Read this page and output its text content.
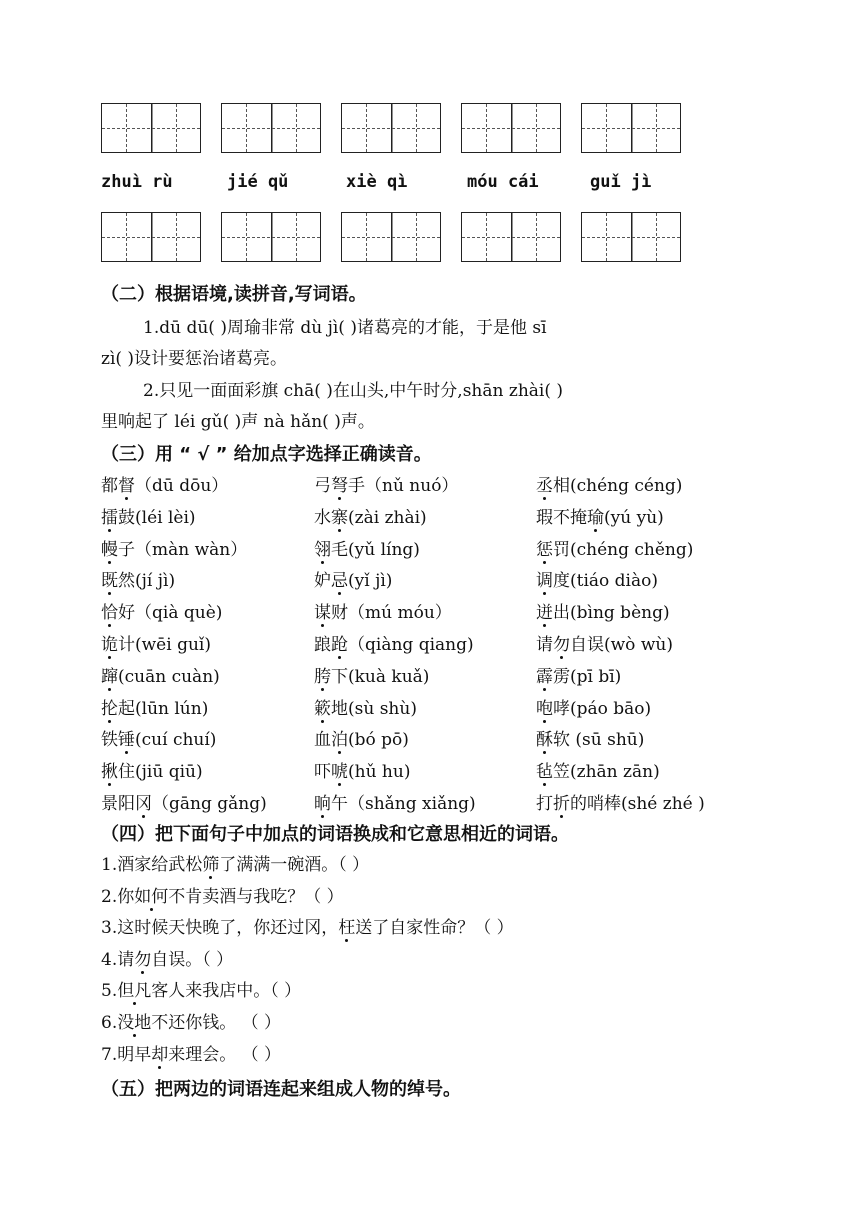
zhuì rù	jié qǔ	xiè qì	móu cái	guǐ jì
（二）根据语境,读拼音,写词语。
1.dū dū( )周瑜非常 dù jì( )诸葛亮的才能，于是他 sī
zì( )设计要惩治诸葛亮。
2.只见一面面彩旗 chā( )在山头,中午时分,shān zhài( )
里响起了 léi gǔ( )声 nà hǎn( )声。
（三）用 “ √ ” 给加点字选择正确读音。
都督（dū dōu）	弓弩手（nǔ nuó）	丞相(chéng céng)
擂鼓(léi lèi)	水寨(zài zhài)	瑕不掩瑜(yú yù)
幔子（màn wàn）	翎毛(yǔ líng)	惩罚(chéng chěng)
既然(jí jì)	妒忌(yǐ jì)	调度(tiáo diào)
恰好（qià què)	谋财（mú móu）	迸出(bìng bèng)
诡计(wēi guǐ)	踉跄（qiàng qiang)	请勿自误(wò wù)
蹿(cuān cuàn)	胯下(kuà kuǎ)	霹雳(pī bī)
抡起(lūn lún)	簌地(sù shù)	咆哮(páo bāo)
铁锤(cuí chuí)	血泊(bó pō)	酥软 (sū shū)
揪住(jiū qiū)	吓唬(hǔ hu)	毡笠(zhān zān)
景阳冈（gāng gǎng)	晌午（shǎng xiǎng)	打折的哨棒(shé zhé )
（四）把下面句子中加点的词语换成和它意思相近的词语。
1.酒家给武松筛了满满一碗酒。（ ）
2.你如何不肯卖酒与我吃？（ ）
3.这时候天快晚了，你还过冈，枉送了自家性命？（ ）
4.请勿自误。（ ）
5.但凡客人来我店中。（ ）
6.没地不还你钱。 （ ）
7.明早却来理会。 （ ）
（五）把两边的词语连起来组成人物的绰号。
